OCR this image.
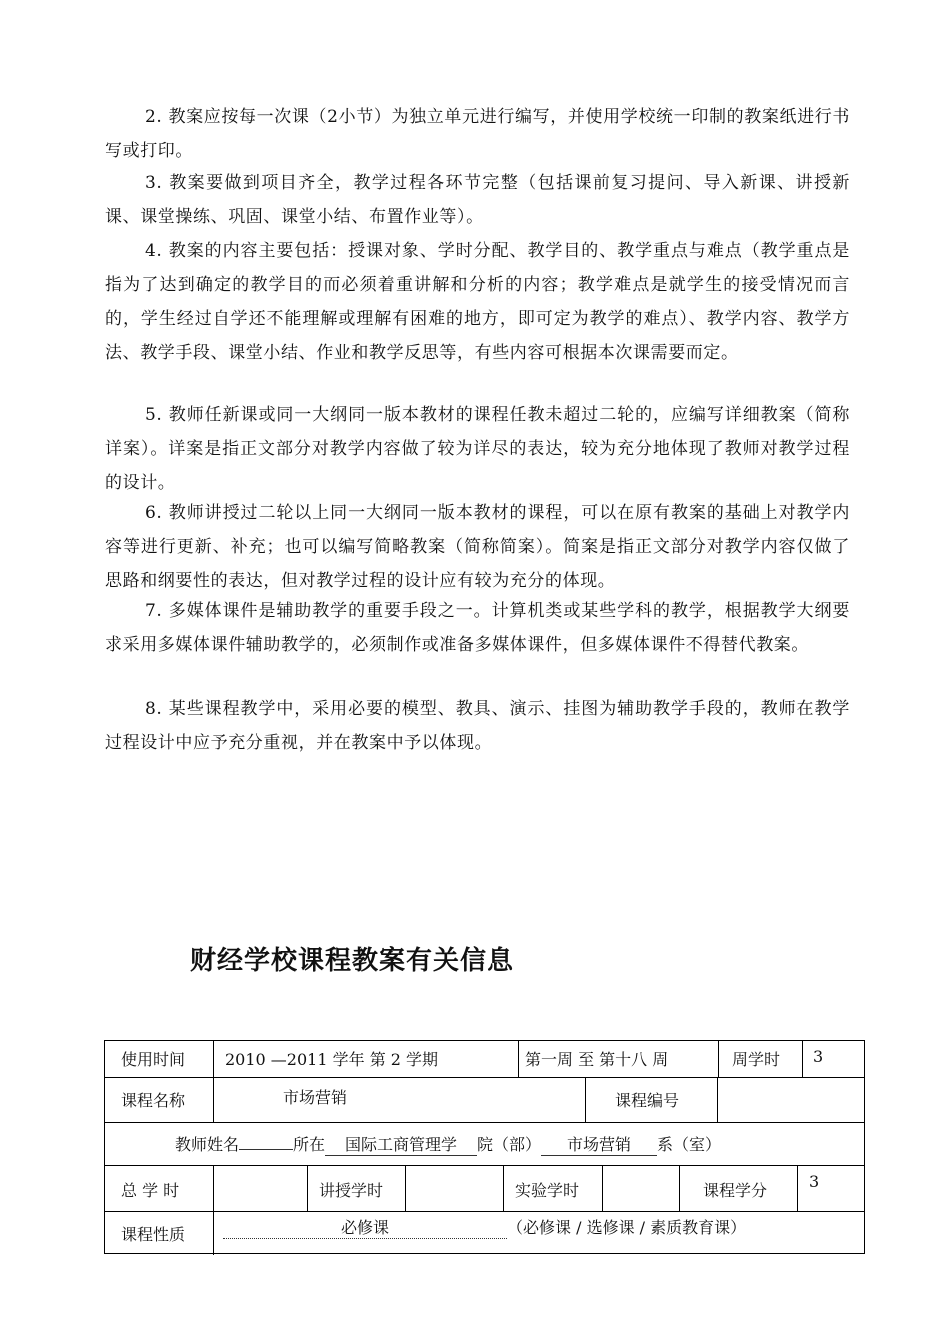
2. 教案应按每一次课（2小节）为独立单元进行编写，并使用学校统一印制的教案纸进行书写或打印。

3. 教案要做到项目齐全，教学过程各环节完整（包括课前复习提问、导入新课、讲授新课、课堂操练、巩固、课堂小结、布置作业等）。

4. 教案的内容主要包括：授课对象、学时分配、教学目的、教学重点与难点（教学重点是指为了达到确定的教学目的而必须着重讲解和分析的内容；教学难点是就学生的接受情况而言的，学生经过自学还不能理解或理解有困难的地方，即可定为教学的难点）、教学内容、教学方法、教学手段、课堂小结、作业和教学反思等，有些内容可根据本次课需要而定。

5. 教师任新课或同一大纲同一版本教材的课程任教未超过二轮的，应编写详细教案（简称详案）。详案是指正文部分对教学内容做了较为详尽的表达，较为充分地体现了教师对教学过程的设计。

6. 教师讲授过二轮以上同一大纲同一版本教材的课程，可以在原有教案的基础上对教学内容等进行更新、补充；也可以编写简略教案（简称简案）。简案是指正文部分对教学内容仅做了思路和纲要性的表达，但对教学过程的设计应有较为充分的体现。

7. 多媒体课件是辅助教学的重要手段之一。计算机类或某些学科的教学，根据教学大纲要求采用多媒体课件辅助教学的，必须制作或准备多媒体课件，但多媒体课件不得替代教案。

8. 某些课程教学中，采用必要的模型、教具、演示、挂图为辅助教学手段的，教师在教学过程设计中应予充分重视，并在教案中予以体现。

财经学校课程教案有关信息
使用时间 2010 —2011 学年 第 2 学期	第一周 至 第十八 周	周学时 3
课程名称	市场营销	课程编号
教师姓名	所在 国际工商管理学 院（部） 市场营销 系（室）
总 学 时	讲授学时	实验学时	课程学分	3
课程性质	必修课	（必修课 / 选修课 / 素质教育课）
